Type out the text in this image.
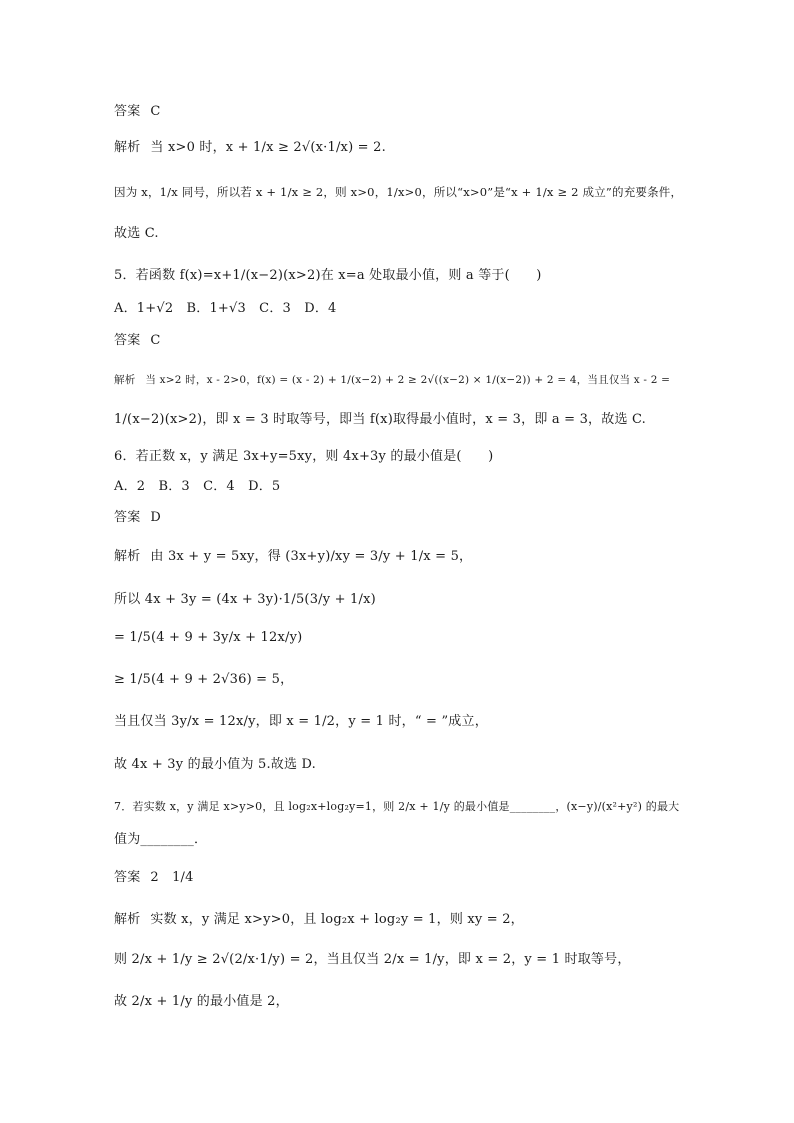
答案 C
解析 当 x>0 时，x + 1/x ≥ 2√(x·1/x) = 2.
因为 x，1/x 同号，所以若 x + 1/x ≥ 2，则 x>0，1/x>0，所以“x>0”是“x + 1/x ≥ 2 成立”的充要条件，
故选 C.
5．若函数 f(x)=x+1/(x−2)(x>2)在 x=a 处取最小值，则 a 等于(　　)
A．1+√2　B．1+√3　C．3　D．4
答案 C
解析 当 x>2 时，x - 2>0，f(x) = (x - 2) + 1/(x−2) + 2 ≥ 2√((x−2) × 1/(x−2)) + 2 = 4，当且仅当 x - 2 =
1/(x−2)(x>2)，即 x = 3 时取等号，即当 f(x)取得最小值时，x = 3，即 a = 3，故选 C.
6．若正数 x，y 满足 3x+y=5xy，则 4x+3y 的最小值是(　　)
A．2　B．3　C．4　D．5
答案 D
解析 由 3x + y = 5xy，得 (3x+y)/xy = 3/y + 1/x = 5，
所以 4x + 3y = (4x + 3y)·1/5(3/y + 1/x)
= 1/5(4 + 9 + 3y/x + 12x/y)
≥ 1/5(4 + 9 + 2√36) = 5，
当且仅当 3y/x = 12x/y，即 x = 1/2，y = 1 时，“ = ”成立，
故 4x + 3y 的最小值为 5.故选 D.
7．若实数 x，y 满足 x>y>0，且 log₂x+log₂y=1，则 2/x + 1/y 的最小值是________，(x−y)/(x²+y²) 的最大
值为________．
答案 2　1/4
解析 实数 x，y 满足 x>y>0，且 log₂x + log₂y = 1，则 xy = 2，
则 2/x + 1/y ≥ 2√(2/x·1/y) = 2，当且仅当 2/x = 1/y，即 x = 2，y = 1 时取等号，
故 2/x + 1/y 的最小值是 2，
